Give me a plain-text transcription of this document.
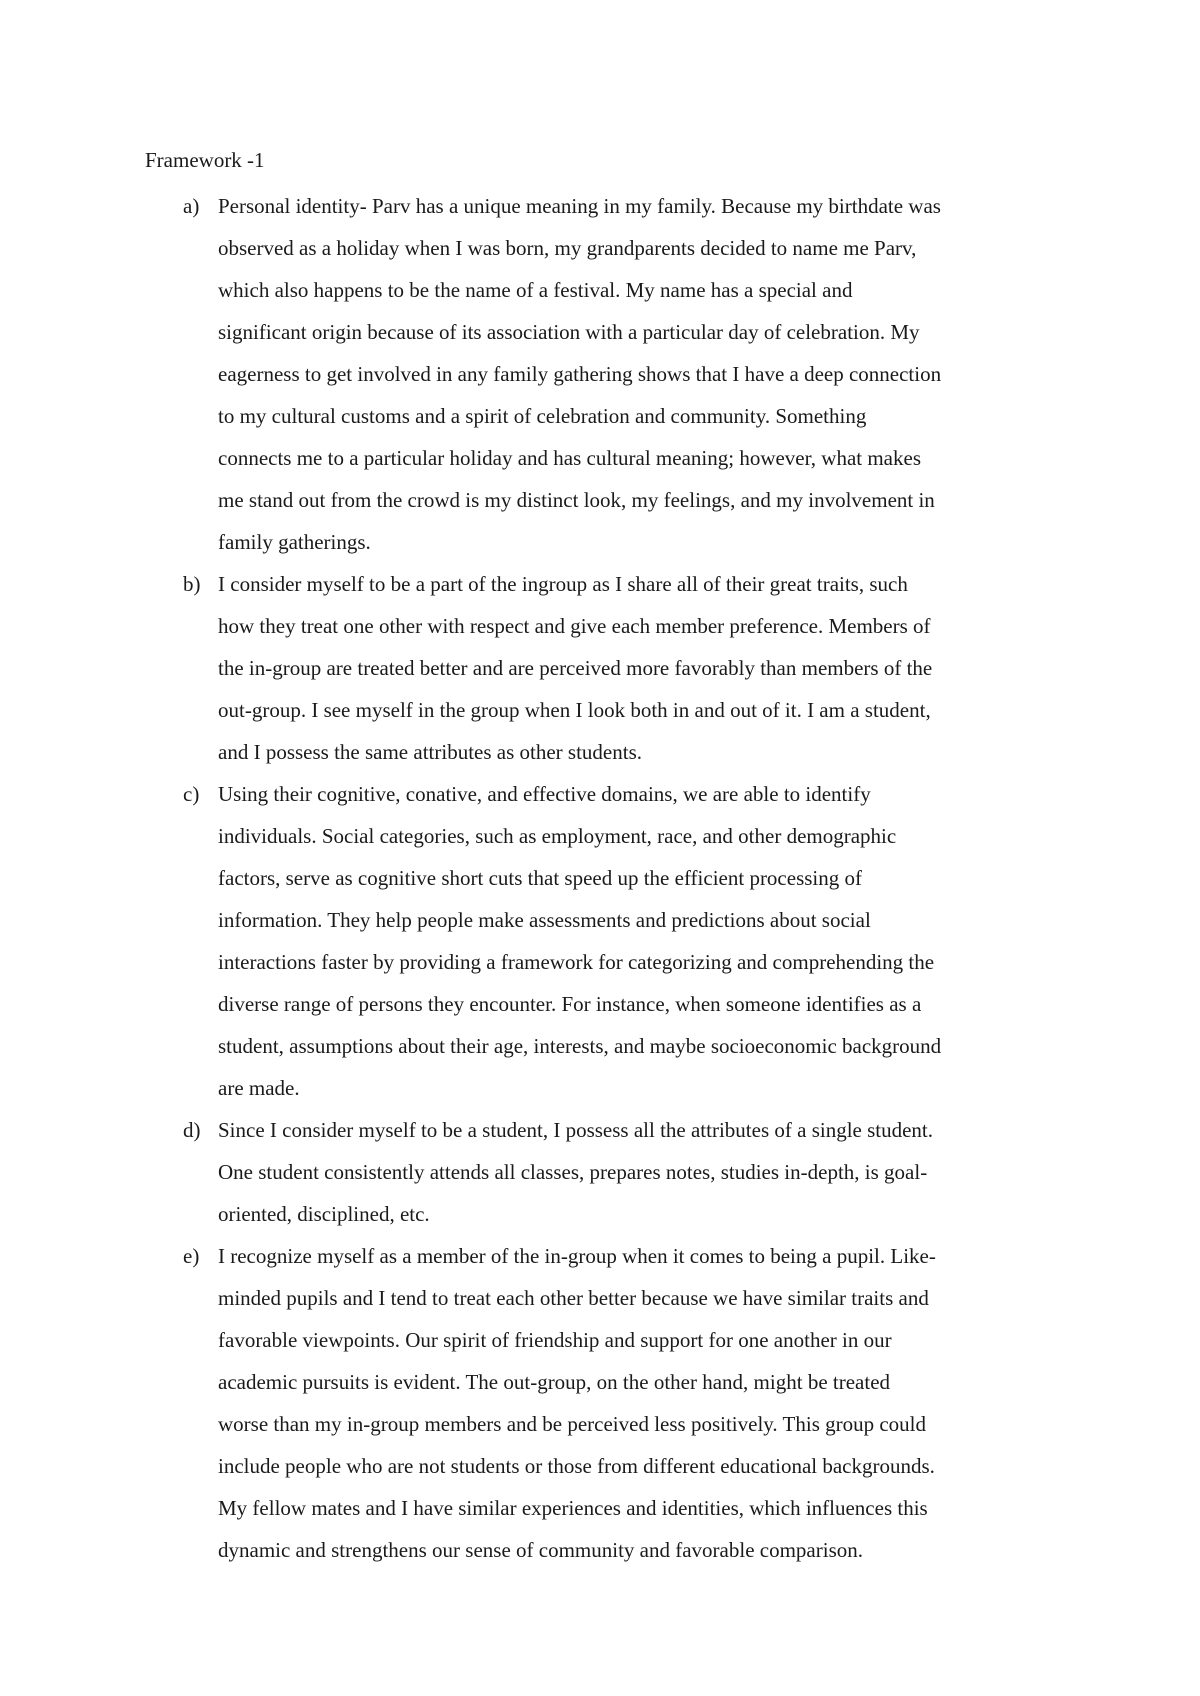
Framework -1
a) Personal identity- Parv has a unique meaning in my family. Because my birthdate was
observed as a holiday when I was born, my grandparents decided to name me Parv,
which also happens to be the name of a festival. My name has a special and
significant origin because of its association with a particular day of celebration. My
eagerness to get involved in any family gathering shows that I have a deep connection
to my cultural customs and a spirit of celebration and community. Something
connects me to a particular holiday and has cultural meaning; however, what makes
me stand out from the crowd is my distinct look, my feelings, and my involvement in
family gatherings.
b) I consider myself to be a part of the ingroup as I share all of their great traits, such
how they treat one other with respect and give each member preference. Members of
the in-group are treated better and are perceived more favorably than members of the
out-group. I see myself in the group when I look both in and out of it. I am a student,
and I possess the same attributes as other students.
c) Using their cognitive, conative, and effective domains, we are able to identify
individuals. Social categories, such as employment, race, and other demographic
factors, serve as cognitive short cuts that speed up the efficient processing of
information. They help people make assessments and predictions about social
interactions faster by providing a framework for categorizing and comprehending the
diverse range of persons they encounter. For instance, when someone identifies as a
student, assumptions about their age, interests, and maybe socioeconomic background
are made.
d) Since I consider myself to be a student, I possess all the attributes of a single student.
One student consistently attends all classes, prepares notes, studies in-depth, is goal-
oriented, disciplined, etc.
e) I recognize myself as a member of the in-group when it comes to being a pupil. Like-
minded pupils and I tend to treat each other better because we have similar traits and
favorable viewpoints. Our spirit of friendship and support for one another in our
academic pursuits is evident. The out-group, on the other hand, might be treated
worse than my in-group members and be perceived less positively. This group could
include people who are not students or those from different educational backgrounds.
My fellow mates and I have similar experiences and identities, which influences this
dynamic and strengthens our sense of community and favorable comparison.
